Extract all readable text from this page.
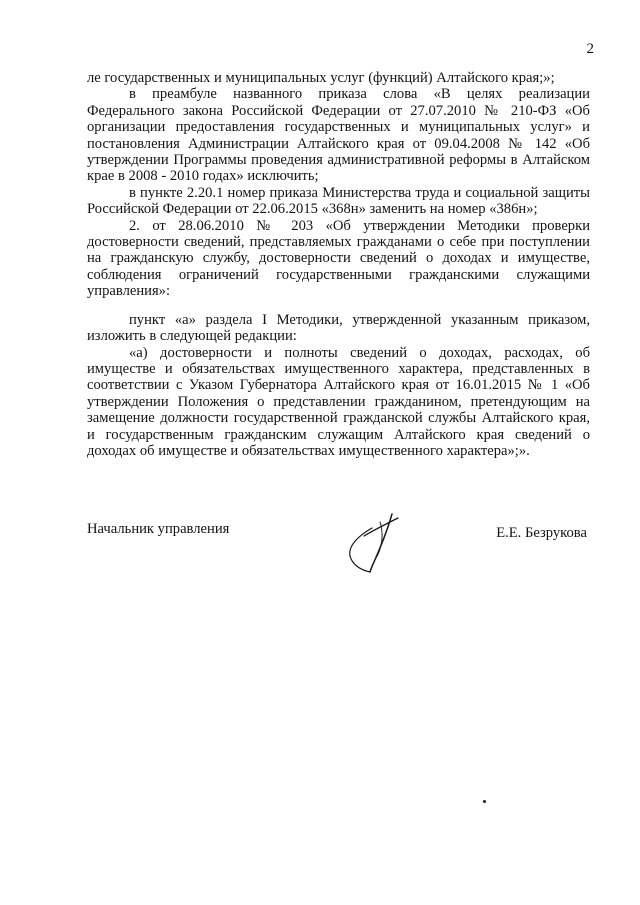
2

ле государственных и муниципальных услуг (функций) Алтайского края;»;

в преамбуле названного приказа слова «В целях реализации Федерального закона Российской Федерации от 27.07.2010 № 210-ФЗ «Об организации предоставления государственных и муниципальных услуг» и постановления Администрации Алтайского края от 09.04.2008 № 142 «Об утверждении Программы проведения административной реформы в Алтайском крае в 2008 - 2010 годах» исключить;

в пункте 2.20.1 номер приказа Министерства труда и социальной защиты Российской Федерации от 22.06.2015 «368н» заменить на номер «386н»;

2. от 28.06.2010 № 203 «Об утверждении Методики проверки достоверности сведений, представляемых гражданами о себе при поступлении на гражданскую службу, достоверности сведений о доходах и имуществе, соблюдения ограничений государственными гражданскими служащими управления»:

пункт «а» раздела I Методики, утвержденной указанным приказом, изложить в следующей редакции:

«а) достоверности и полноты сведений о доходах, расходах, об имуществе и обязательствах имущественного характера, представленных в соответствии с Указом Губернатора Алтайского края от 16.01.2015 № 1 «Об утверждении Положения о представлении гражданином, претендующим на замещение должности государственной гражданской службы Алтайского края, и государственным гражданским служащим Алтайского края сведений о доходах об имуществе и обязательствах имущественного характера»;».

Начальник управления	Е.Е. Безрукова
